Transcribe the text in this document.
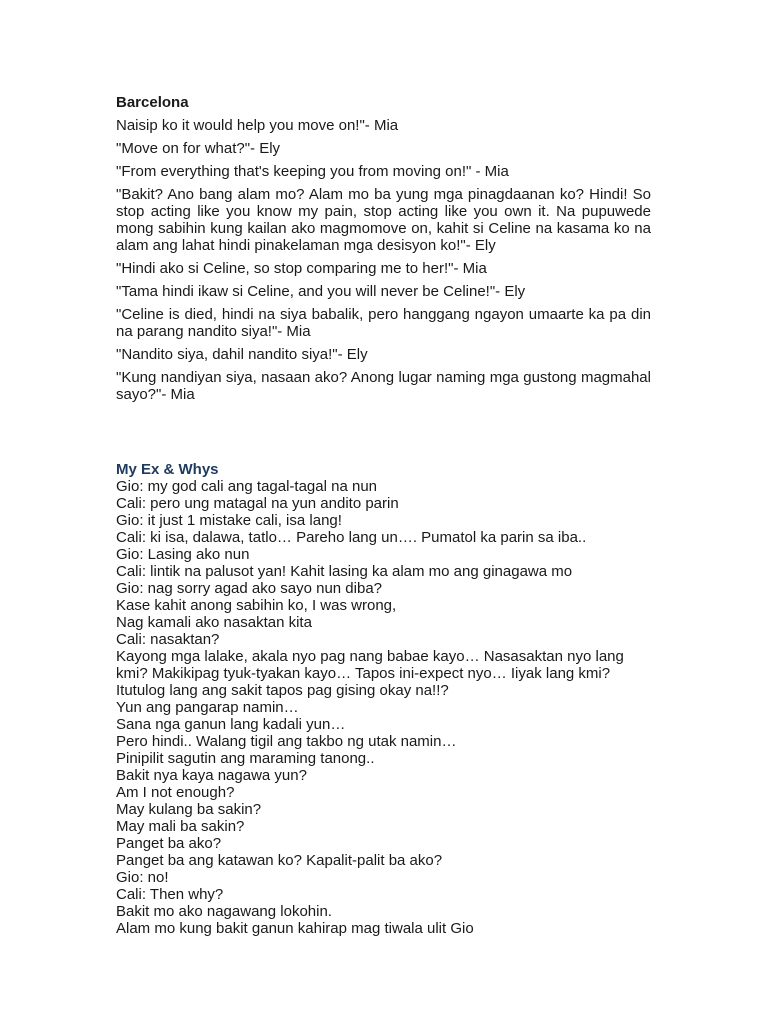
Barcelona

Naisip ko it would help you move on!"- Mia

"Move on for what?"- Ely

"From everything that's keeping you from moving on!" - Mia

"Bakit? Ano bang alam mo? Alam mo ba yung mga pinagdaanan ko? Hindi! So stop acting like you know my pain, stop acting like you own it. Na pupuwede mong sabihin kung kailan ako magmomove on, kahit si Celine na kasama ko na alam ang lahat hindi pinakelaman mga desisyon ko!"- Ely

"Hindi ako si Celine, so stop comparing me to her!"- Mia

"Tama hindi ikaw si Celine, and you will never be Celine!"- Ely

"Celine is died, hindi na siya babalik, pero hanggang ngayon umaarte ka pa din na parang nandito siya!"- Mia

"Nandito siya, dahil nandito siya!"- Ely

"Kung nandiyan siya, nasaan ako? Anong lugar naming mga gustong magmahal sayo?"- Mia

My Ex & Whys
Gio: my god cali ang tagal-tagal na nun
Cali: pero ung matagal na yun andito parin
Gio: it just 1 mistake cali, isa lang!
Cali: ki isa, dalawa, tatlo… Pareho lang un…. Pumatol ka parin sa iba..
Gio: Lasing ako nun
Cali: lintik na palusot yan! Kahit lasing ka alam mo ang ginagawa mo
Gio: nag sorry agad ako sayo nun diba?
Kase kahit anong sabihin ko, I was wrong,
Nag kamali ako nasaktan kita
Cali: nasaktan?
Kayong mga lalake, akala nyo pag nang babae kayo… Nasasaktan nyo lang kmi? Makikipag tyuk-tyakan kayo… Tapos ini-expect nyo… Iiyak lang kmi?
Itutulog lang ang sakit tapos pag gising okay na!!?
Yun ang pangarap namin…
Sana nga ganun lang kadali yun…
Pero hindi.. Walang tigil ang takbo ng utak namin…
Pinipilit sagutin ang maraming tanong..
Bakit nya kaya nagawa yun?
Am I not enough?
May kulang ba sakin?
May mali ba sakin?
Panget ba ako?
Panget ba ang katawan ko? Kapalit-palit ba ako?
Gio: no!
Cali: Then why?
Bakit mo ako nagawang lokohin.
Alam mo kung bakit ganun kahirap mag tiwala ulit Gio
